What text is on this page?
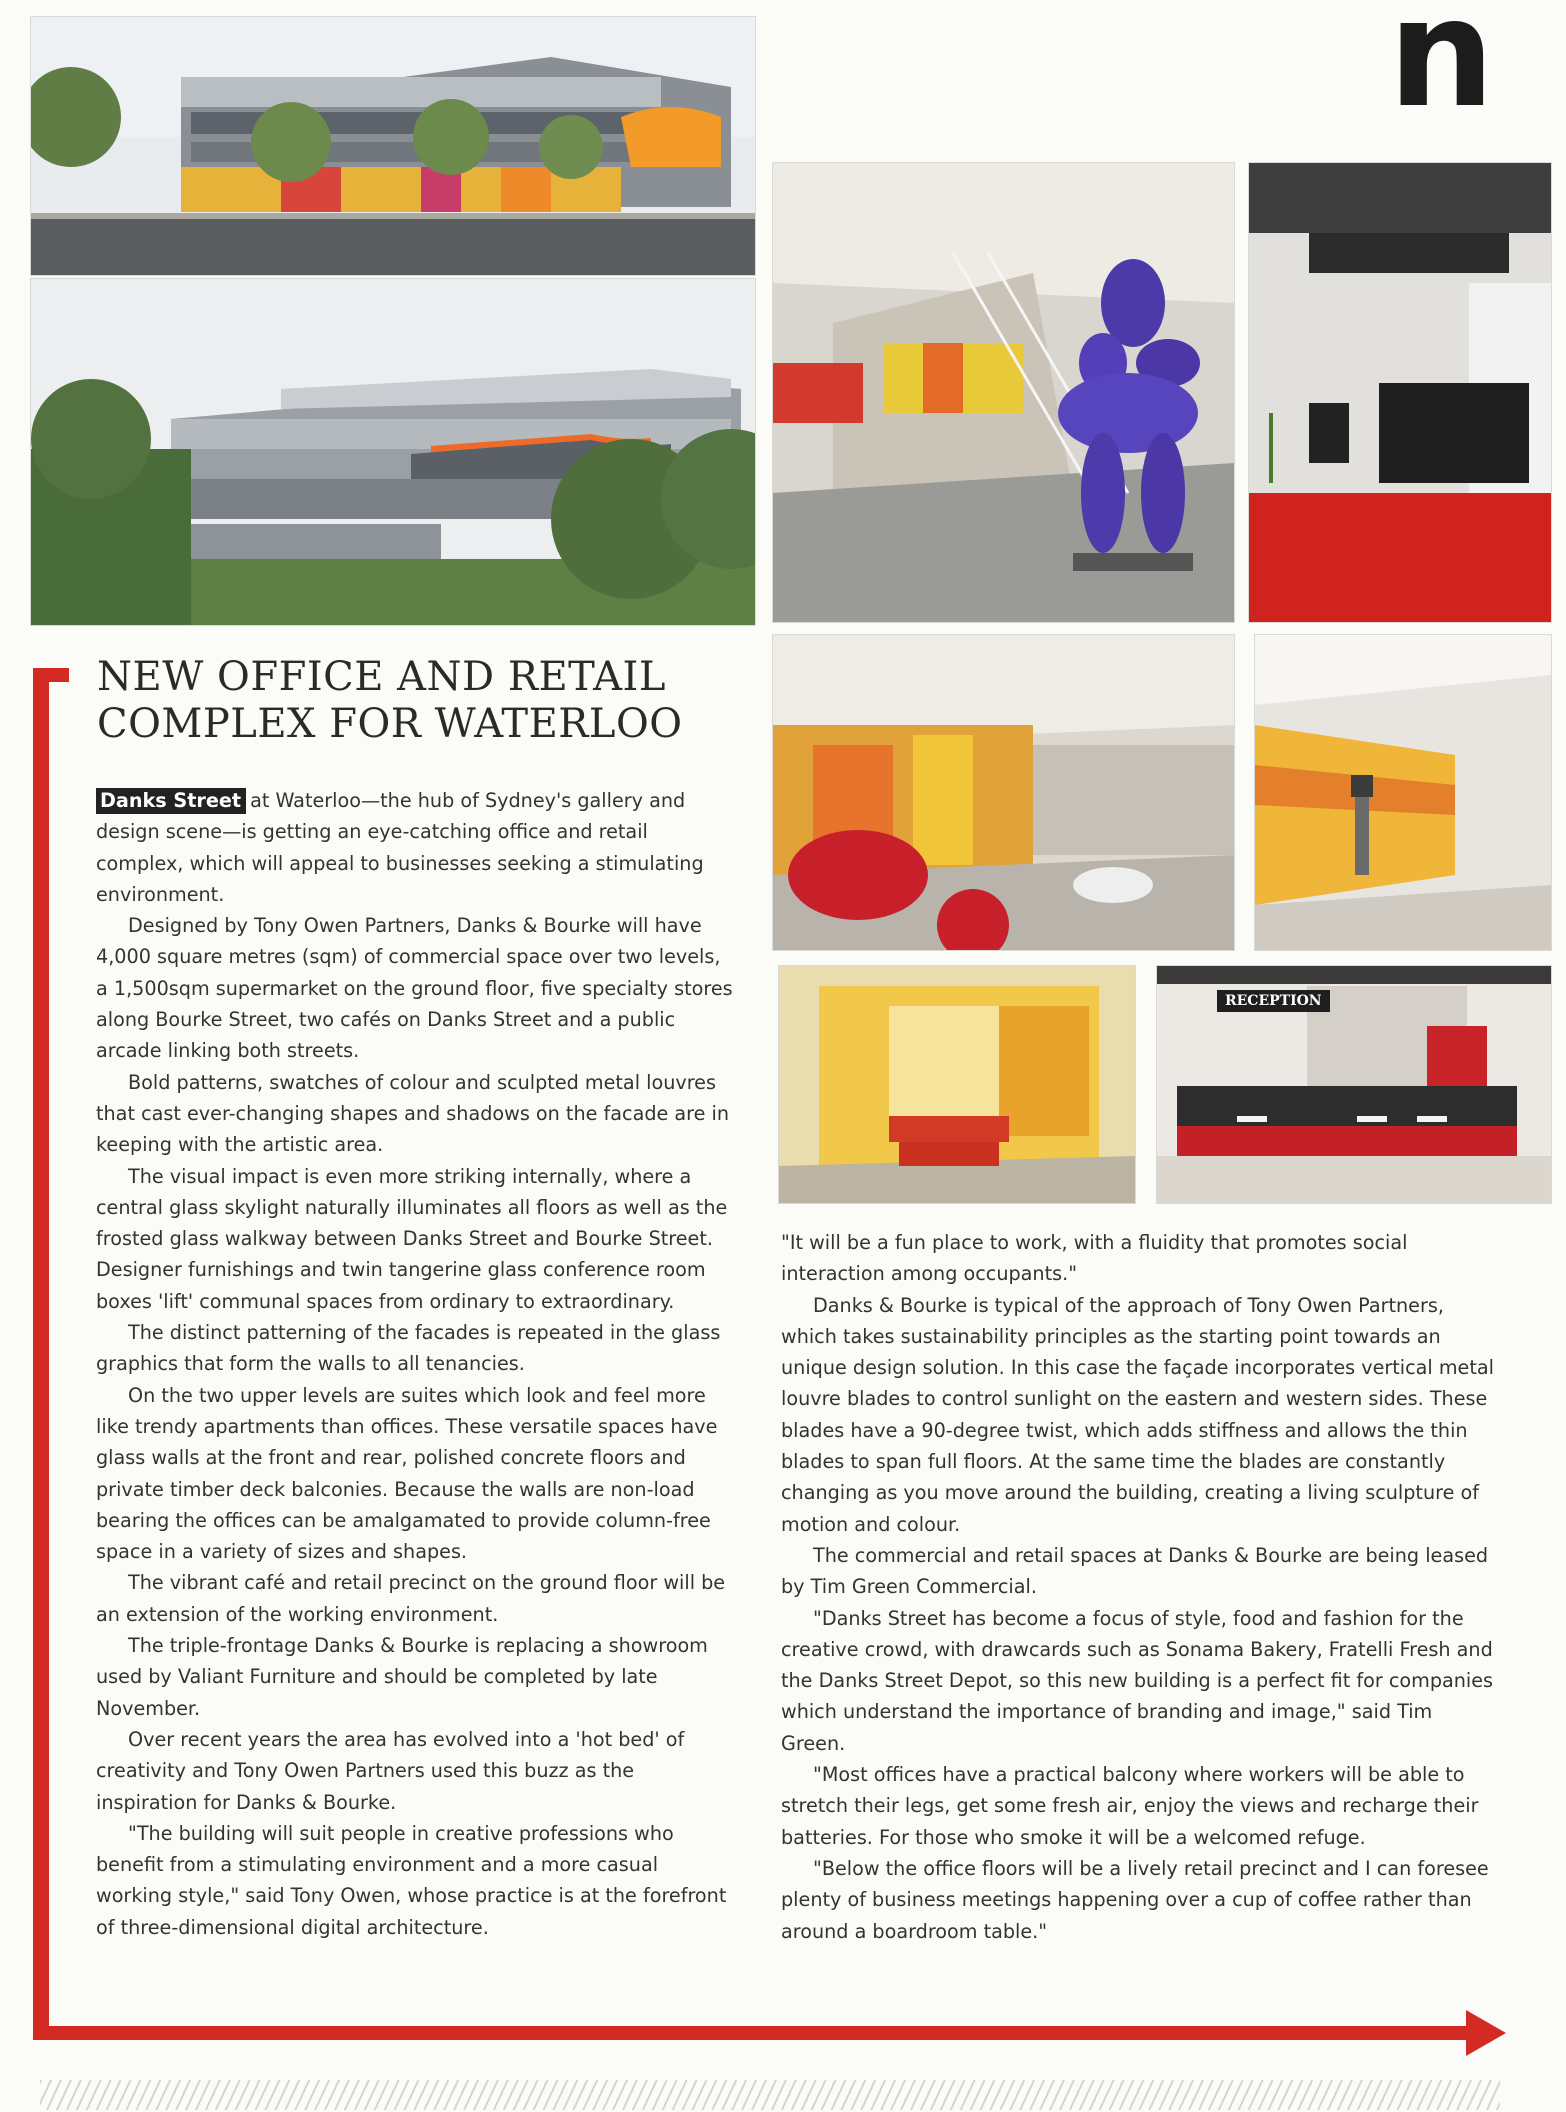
n
RECEPTION
NEW OFFICE AND RETAIL
COMPLEX FOR WATERLOO

Danks Street at Waterloo—the hub of Sydney's gallery and design scene—is getting an eye-catching office and retail complex, which will appeal to businesses seeking a stimulating environment.

Designed by Tony Owen Partners, Danks & Bourke will have 4,000 square metres (sqm) of commercial space over two levels, a 1,500sqm supermarket on the ground floor, five specialty stores along Bourke Street, two cafés on Danks Street and a public arcade linking both streets.

Bold patterns, swatches of colour and sculpted metal louvres that cast ever-changing shapes and shadows on the facade are in keeping with the artistic area.

The visual impact is even more striking internally, where a central glass skylight naturally illuminates all floors as well as the frosted glass walkway between Danks Street and Bourke Street. Designer furnishings and twin tangerine glass conference room boxes 'lift' communal spaces from ordinary to extraordinary.

The distinct patterning of the facades is repeated in the glass graphics that form the walls to all tenancies.

On the two upper levels are suites which look and feel more like trendy apartments than offices. These versatile spaces have glass walls at the front and rear, polished concrete floors and private timber deck balconies. Because the walls are non-load bearing the offices can be amalgamated to provide column-free space in a variety of sizes and shapes.

The vibrant café and retail precinct on the ground floor will be an extension of the working environment.

The triple-frontage Danks & Bourke is replacing a showroom used by Valiant Furniture and should be completed by late November.

Over recent years the area has evolved into a 'hot bed' of creativity and Tony Owen Partners used this buzz as the inspiration for Danks & Bourke.

"The building will suit people in creative professions who benefit from a stimulating environment and a more casual working style," said Tony Owen, whose practice is at the forefront of three-dimensional digital architecture.

"It will be a fun place to work, with a fluidity that promotes social interaction among occupants."

Danks & Bourke is typical of the approach of Tony Owen Partners, which takes sustainability principles as the starting point towards an unique design solution. In this case the façade incorporates vertical metal louvre blades to control sunlight on the eastern and western sides. These blades have a 90-degree twist, which adds stiffness and allows the thin blades to span full floors. At the same time the blades are constantly changing as you move around the building, creating a living sculpture of motion and colour.

The commercial and retail spaces at Danks & Bourke are being leased by Tim Green Commercial.

"Danks Street has become a focus of style, food and fashion for the creative crowd, with drawcards such as Sonama Bakery, Fratelli Fresh and the Danks Street Depot, so this new building is a perfect fit for companies which understand the importance of branding and image," said Tim Green.

"Most offices have a practical balcony where workers will be able to stretch their legs, get some fresh air, enjoy the views and recharge their batteries. For those who smoke it will be a welcomed refuge.

"Below the office floors will be a lively retail precinct and I can foresee plenty of business meetings happening over a cup of coffee rather than around a boardroom table."
